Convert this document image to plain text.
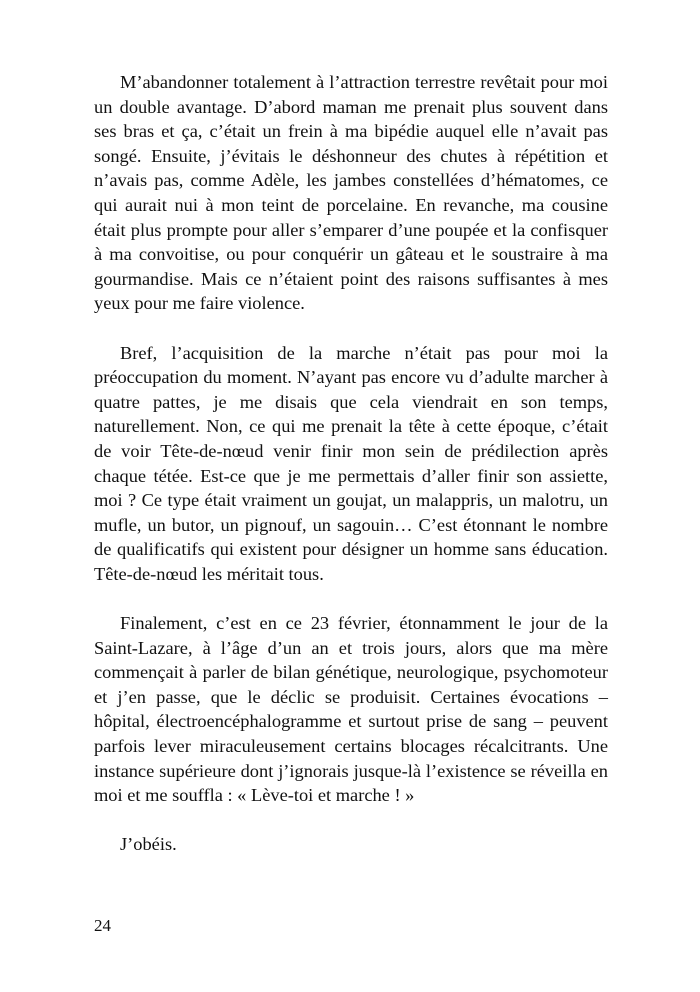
M’abandonner totalement à l’attraction terrestre revêtait pour moi un double avantage. D’abord maman me prenait plus souvent dans ses bras et ça, c’était un frein à ma bipédie auquel elle n’avait pas songé. Ensuite, j’évitais le déshonneur des chutes à répétition et n’avais pas, comme Adèle, les jambes constellées d’hématomes, ce qui aurait nui à mon teint de porcelaine. En revanche, ma cousine était plus prompte pour aller s’emparer d’une poupée et la confisquer à ma convoitise, ou pour conquérir un gâteau et le soustraire à ma gourmandise. Mais ce n’étaient point des raisons suffisantes à mes yeux pour me faire violence.

Bref, l’acquisition de la marche n’était pas pour moi la préoccupation du moment. N’ayant pas encore vu d’adulte marcher à quatre pattes, je me disais que cela viendrait en son temps, naturellement. Non, ce qui me prenait la tête à cette époque, c’était de voir Tête-de-nœud venir finir mon sein de prédilection après chaque tétée. Est-ce que je me permettais d’aller finir son assiette, moi ? Ce type était vraiment un goujat, un malappris, un malotru, un mufle, un butor, un pignouf, un sagouin… C’est étonnant le nombre de qualificatifs qui existent pour désigner un homme sans éducation. Tête-de-nœud les méritait tous.

Finalement, c’est en ce 23 février, étonnamment le jour de la Saint-Lazare, à l’âge d’un an et trois jours, alors que ma mère commençait à parler de bilan génétique, neurologique, psychomoteur et j’en passe, que le déclic se produisit. Certaines évocations – hôpital, électroencéphalogramme et surtout prise de sang – peuvent parfois lever miraculeusement certains blocages récalcitrants. Une instance supérieure dont j’ignorais jusque-là l’existence se réveilla en moi et me souffla : « Lève-toi et marche ! »

J’obéis.

24
